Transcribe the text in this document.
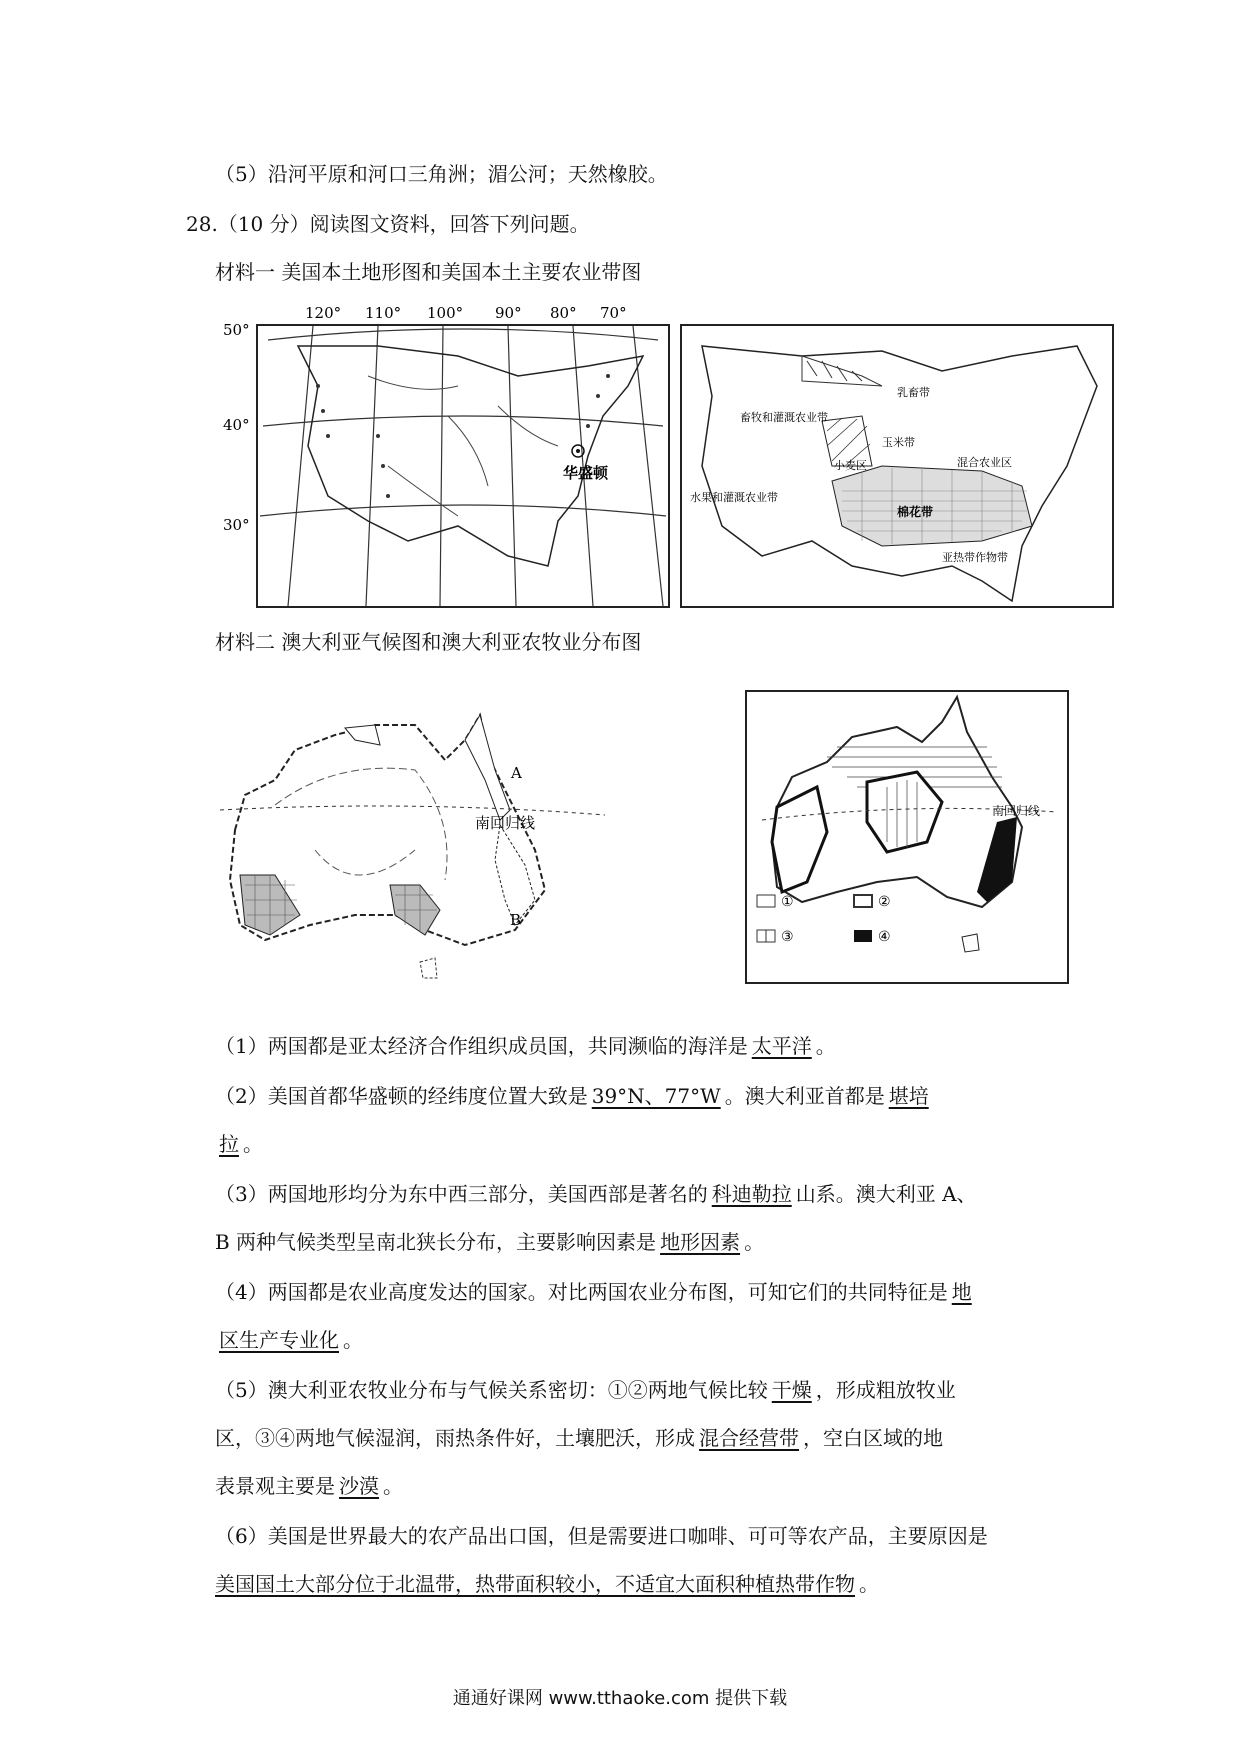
（5）沿河平原和河口三角洲；湄公河；天然橡胶。
28.（10 分）阅读图文资料，回答下列问题。
材料一 美国本土地形图和美国本土主要农业带图
华盛顿
120° 110° 100° 90° 80° 70°
50°
40°
30°
乳畜带
玉米带
畜牧和灌溉农业带
小麦区	混合农业区
水果和灌溉农业带
棉花带
亚热带作物带
材料二 澳大利亚气候图和澳大利亚农牧业分布图
A
B
南回归线
南回归线
①	②
③	④
（1）两国都是亚太经济合作组织成员国，共同濒临的海洋是 太平洋 。
（2）美国首都华盛顿的经纬度位置大致是 39°N、77°W 。澳大利亚首都是 堪培
拉 。
（3）两国地形均分为东中西三部分，美国西部是著名的 科迪勒拉 山系。澳大利亚 A、
B 两种气候类型呈南北狭长分布，主要影响因素是 地形因素 。
（4）两国都是农业高度发达的国家。对比两国农业分布图，可知它们的共同特征是 地
区生产专业化 。
（5）澳大利亚农牧业分布与气候关系密切：①②两地气候比较 干燥 ，形成粗放牧业
区，③④两地气候湿润，雨热条件好，土壤肥沃，形成 混合经营带 ，空白区域的地
表景观主要是 沙漠 。
（6）美国是世界最大的农产品出口国，但是需要进口咖啡、可可等农产品，主要原因是
美国国土大部分位于北温带，热带面积较小，不适宜大面积种植热带作物 。
通通好课网 www.tthaoke.com 提供下载
